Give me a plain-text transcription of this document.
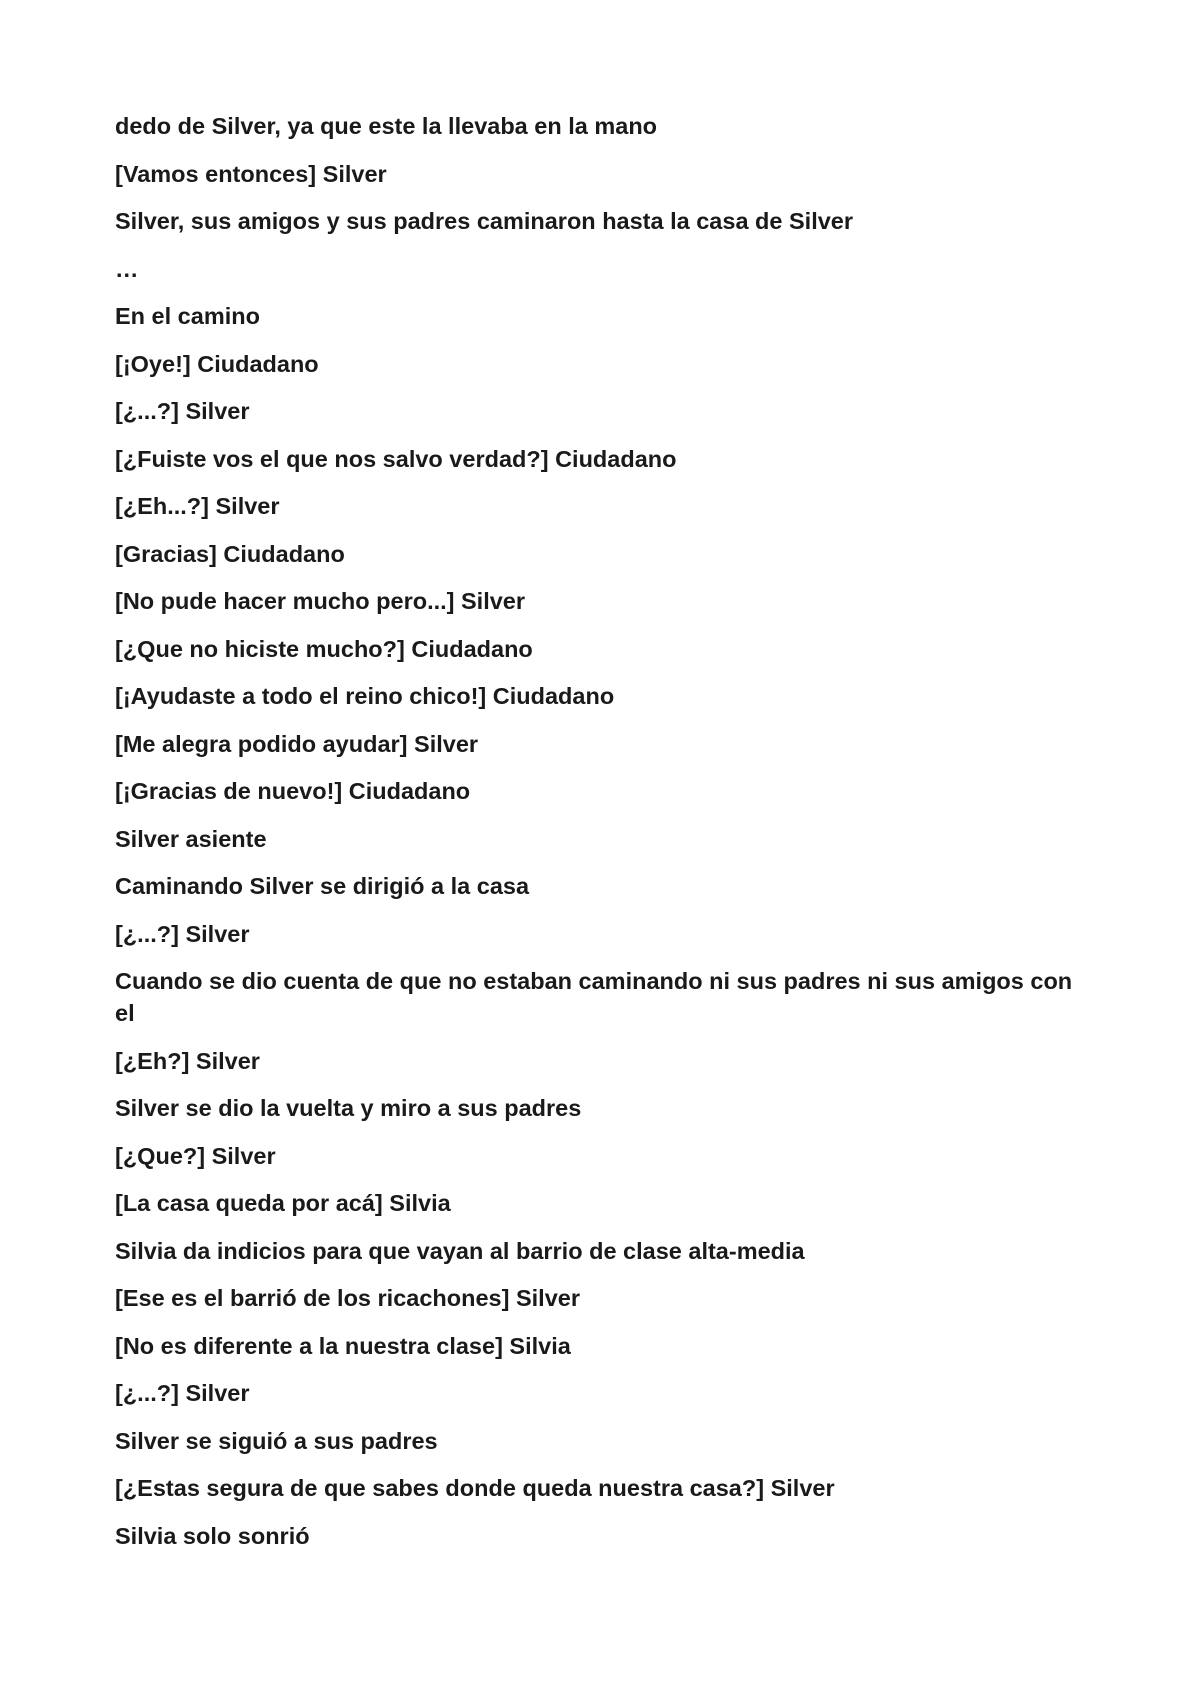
dedo de Silver, ya que este la llevaba en la mano

[Vamos entonces] Silver

Silver, sus amigos y sus padres caminaron hasta la casa de Silver

…

En el camino

[¡Oye!] Ciudadano

[¿...?] Silver

[¿Fuiste vos el que nos salvo verdad?] Ciudadano

[¿Eh...?] Silver

[Gracias] Ciudadano

[No pude hacer mucho pero...] Silver

[¿Que no hiciste mucho?] Ciudadano

[¡Ayudaste a todo el reino chico!] Ciudadano

[Me alegra podido ayudar] Silver

[¡Gracias de nuevo!] Ciudadano

Silver asiente

Caminando Silver se dirigió a la casa

[¿...?] Silver

Cuando se dio cuenta de que no estaban caminando ni sus padres ni sus amigos con el

[¿Eh?] Silver

Silver se dio la vuelta y miro a sus padres

[¿Que?] Silver

[La casa queda por acá] Silvia

Silvia da indicios para que vayan al barrio de clase alta-media

[Ese es el barrió de los ricachones] Silver

[No es diferente a la nuestra clase] Silvia

[¿...?] Silver

Silver se siguió a sus padres

[¿Estas segura de que sabes donde queda nuestra casa?] Silver

Silvia solo sonrió
